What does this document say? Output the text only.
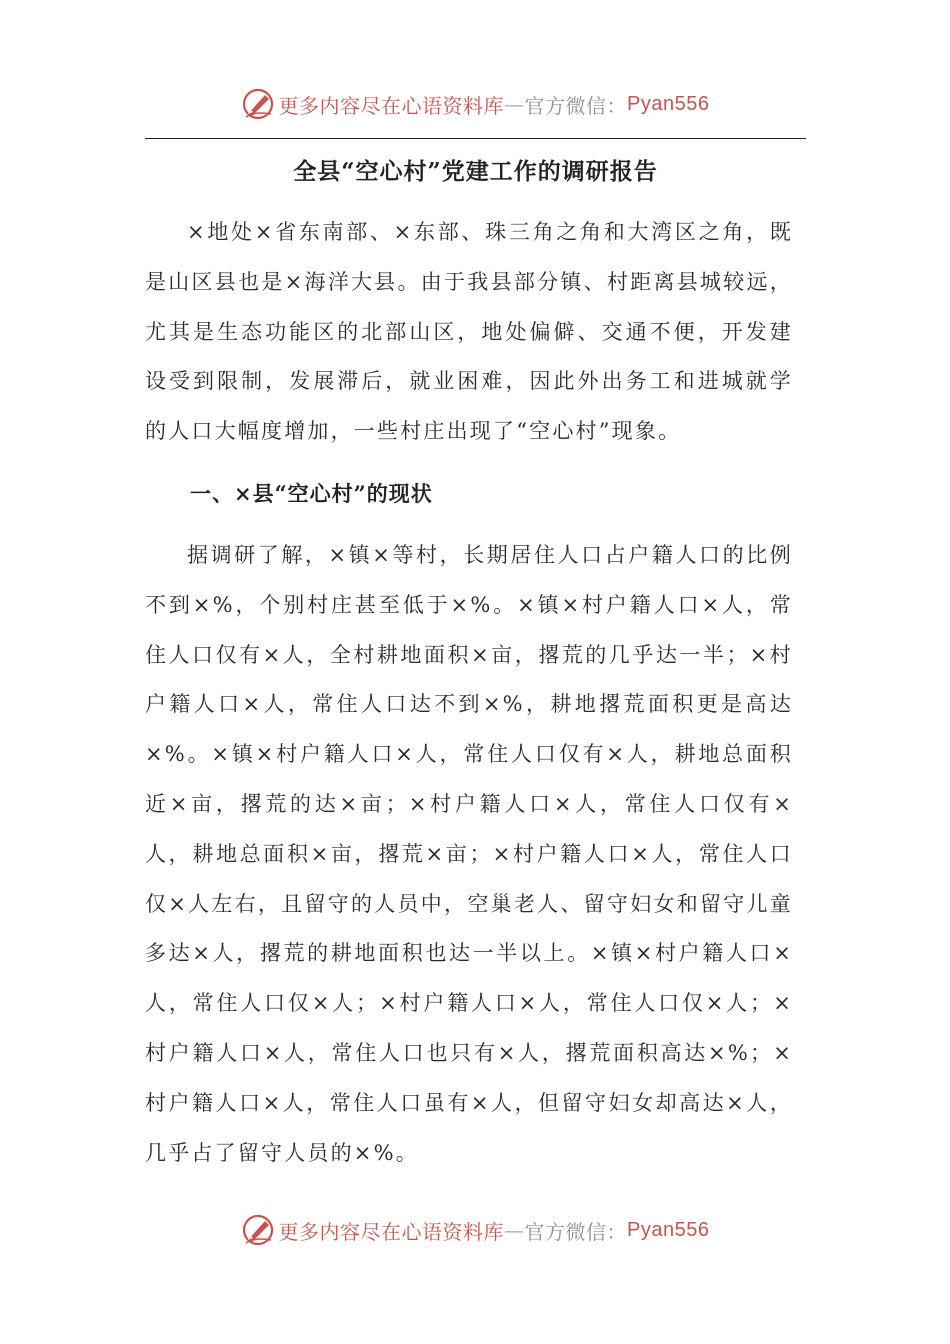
更多内容尽在心语资料库 — 官方微信： Pyan556
全县“空心村”党建工作的调研报告

×地处×省东南部、×东部、珠三角之角和大湾区之角，既是山区县也是×海洋大县。由于我县部分镇、村距离县城较远，尤其是生态功能区的北部山区，地处偏僻、交通不便，开发建设受到限制，发展滞后，就业困难，因此外出务工和进城就学的人口大幅度增加，一些村庄出现了“空心村”现象。

一、×县“空心村”的现状

据调研了解，×镇×等村，长期居住人口占户籍人口的比例不到×%，个别村庄甚至低于×%。×镇×村户籍人口×人，常住人口仅有×人，全村耕地面积×亩，撂荒的几乎达一半；×村户籍人口×人，常住人口达不到×%，耕地撂荒面积更是高达×%。×镇×村户籍人口×人，常住人口仅有×人，耕地总面积近×亩，撂荒的达×亩；×村户籍人口×人，常住人口仅有×人，耕地总面积×亩，撂荒×亩；×村户籍人口×人，常住人口仅×人左右，且留守的人员中，空巢老人、留守妇女和留守儿童多达×人，撂荒的耕地面积也达一半以上。×镇×村户籍人口×人，常住人口仅×人；×村户籍人口×人，常住人口仅×人；×村户籍人口×人，常住人口也只有×人，撂荒面积高达×%；×村户籍人口×人，常住人口虽有×人，但留守妇女却高达×人，几乎占了留守人员的×%。

更多内容尽在心语资料库 — 官方微信： Pyan556
